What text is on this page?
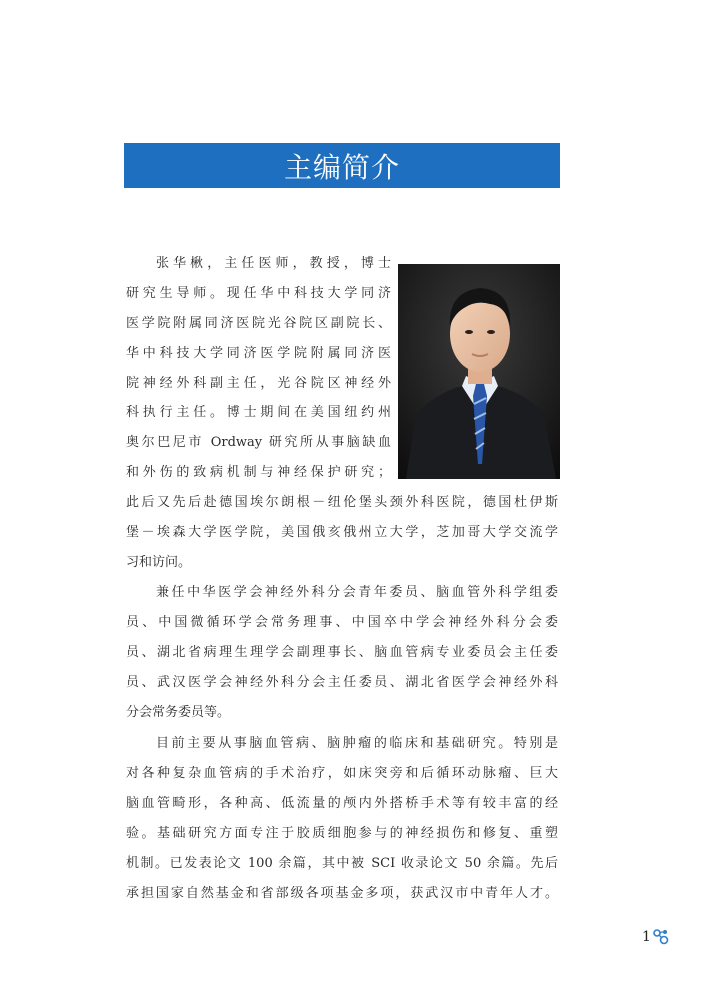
主编简介
张华楸，主任医师，教授，博士
研究生导师。现任华中科技大学同济
医学院附属同济医院光谷院区副院长、
华中科技大学同济医学院附属同济医
院神经外科副主任，光谷院区神经外
科执行主任。博士期间在美国纽约州
奥尔巴尼市 Ordway 研究所从事脑缺血
和外伤的致病机制与神经保护研究；
此后又先后赴德国埃尔朗根－纽伦堡头颈外科医院，德国杜伊斯
堡－埃森大学医学院，美国俄亥俄州立大学，芝加哥大学交流学
习和访问。
兼任中华医学会神经外科分会青年委员、脑血管外科学组委
员、中国微循环学会常务理事、中国卒中学会神经外科分会委
员、湖北省病理生理学会副理事长、脑血管病专业委员会主任委
员、武汉医学会神经外科分会主任委员、湖北省医学会神经外科
分会常务委员等。
目前主要从事脑血管病、脑肿瘤的临床和基础研究。特别是
对各种复杂血管病的手术治疗，如床突旁和后循环动脉瘤、巨大
脑血管畸形，各种高、低流量的颅内外搭桥手术等有较丰富的经
验。基础研究方面专注于胶质细胞参与的神经损伤和修复、重塑
机制。已发表论文 100 余篇，其中被 SCI 收录论文 50 余篇。先后
承担国家自然基金和省部级各项基金多项，获武汉市中青年人才。
1
